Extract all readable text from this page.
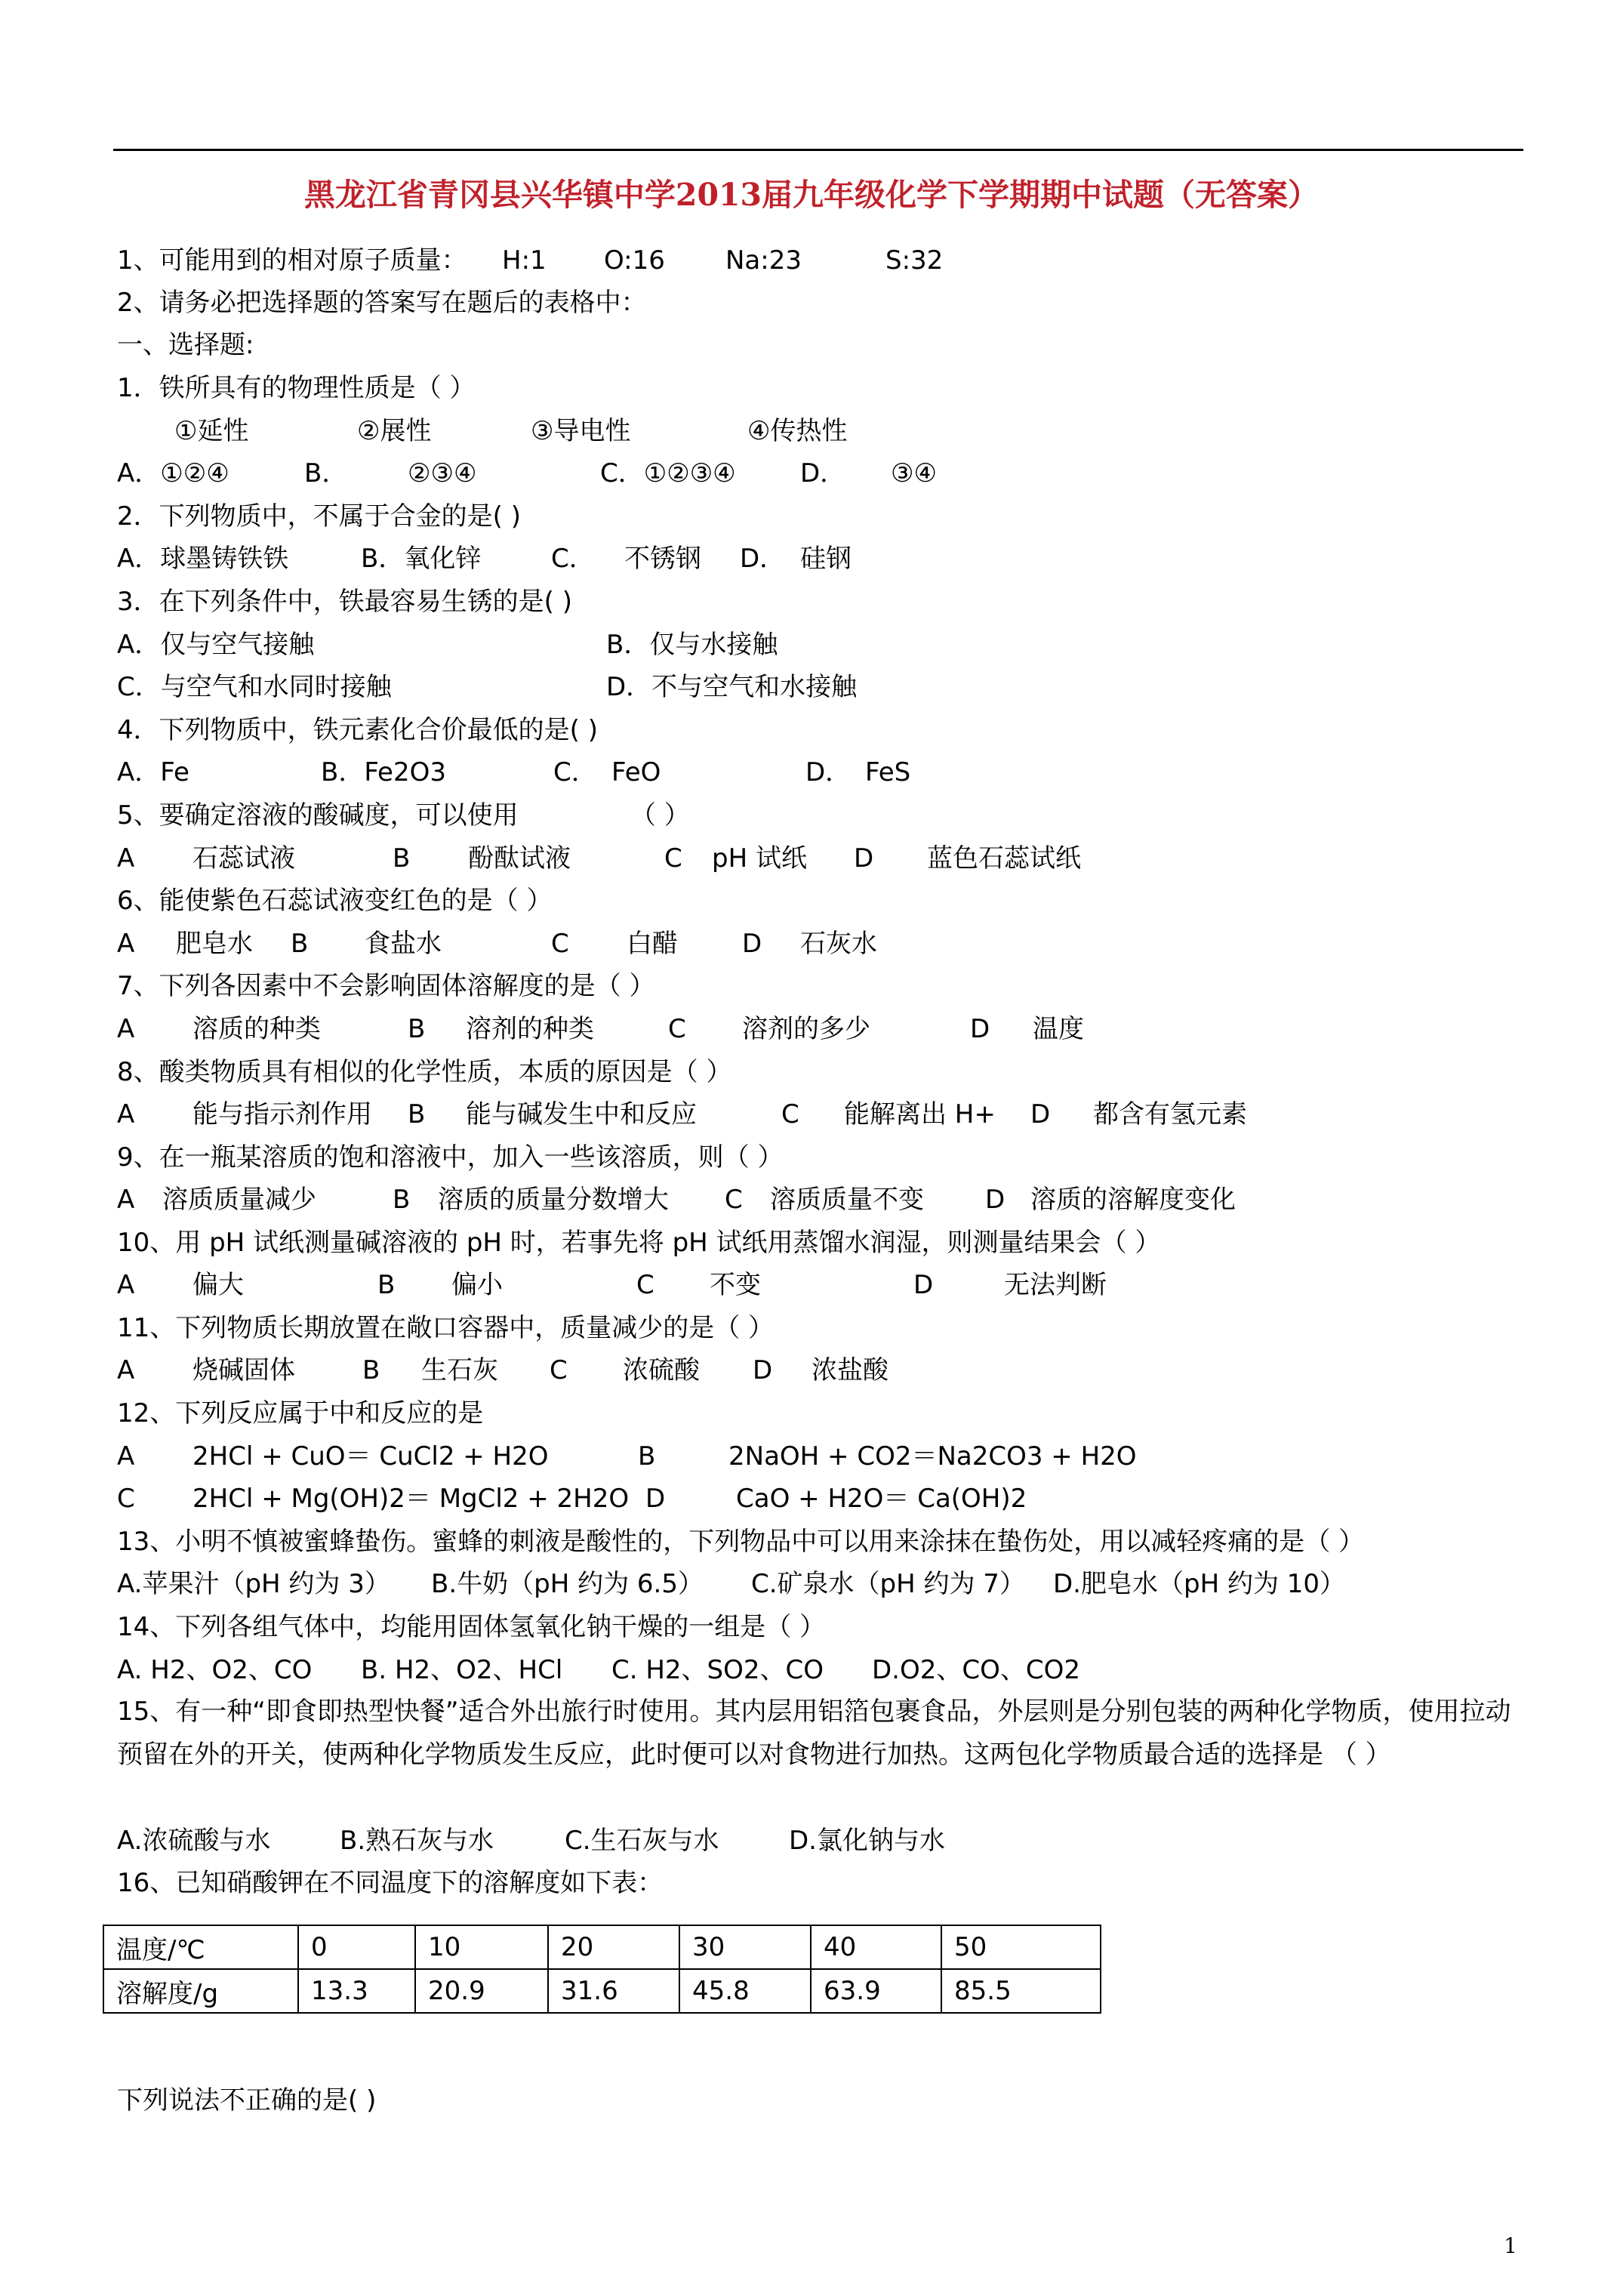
黑龙江省青冈县兴华镇中学2013届九年级化学下学期期中试题（无答案）
1、可能用到的相对原子质量： H:1 O:16 Na:23	S:32
2、请务必把选择题的答案写在题后的表格中：
一、选择题:
1．铁所具有的物理性质是（ ）
①延性	②展性	③导电性	④传热性
A．①②④	B． ②③④	C．①②③④	D． ③④
2．下列物质中，不属于合金的是( )
A．球墨铸铁铁	B．氧化锌	C． 不锈钢 D． 硅钢
3．在下列条件中，铁最容易生锈的是( )
A．仅与空气接触	B．仅与水接触
C．与空气和水同时接触	D．不与空气和水接触
4．下列物质中，铁元素化合价最低的是( )
A．Fe	B．Fe2O3	C． FeO	D． FeS
5、要确定溶液的酸碱度，可以使用	（ ）
A 石蕊试液	B 酚酞试液	C pH 试纸 D 蓝色石蕊试纸
6、能使紫色石蕊试液变红色的是（ ）
A 肥皂水 B 食盐水	C 白醋	D 石灰水
7、下列各因素中不会影响固体溶解度的是（ ）
A 溶质的种类	B 溶剂的种类	C 溶剂的多少	D 温度
8、酸类物质具有相似的化学性质，本质的原因是（ ）
A 能与指示剂作用 B 能与碱发生中和反应	C 能解离出 H+ D 都含有氢元素
9、在一瓶某溶质的饱和溶液中，加入一些该溶质，则（ ）
A 溶质质量减少	B 溶质的质量分数增大 C 溶质质量不变 D 溶质的溶解度变化
10、用 pH 试纸测量碱溶液的 pH 时，若事先将 pH 试纸用蒸馏水润湿，则测量结果会（ ）
A 偏大	B 偏小	C 不变	D	无法判断
11、下列物质长期放置在敞口容器中，质量减少的是（ ）
A 烧碱固体	B 生石灰 C 浓硫酸 D 浓盐酸
12、下列反应属于中和反应的是
A 2HCl + CuO＝ CuCl2 + H2O	B	2NaOH + CO2＝Na2CO3 + H2O
C 2HCl + Mg(OH)2＝ MgCl2 + 2H2O D	CaO + H2O＝ Ca(OH)2
13、小明不慎被蜜蜂蛰伤。蜜蜂的刺液是酸性的，下列物品中可以用来涂抹在蛰伤处，用以减轻疼痛的是（ ）
A.苹果汁（pH 约为 3） B.牛奶（pH 约为 6.5） C.矿泉水（pH 约为 7） D.肥皂水（pH 约为 10）
14、下列各组气体中，均能用固体氢氧化钠干燥的一组是（ ）
A. H2、O2、CO B. H2、O2、HCl C. H2、SO2、CO D.O2、CO、CO2
15、有一种“即食即热型快餐”适合外出旅行时使用。其内层用铝箔包裹食品，外层则是分别包装的两种化学物质，使用拉动预留在外的开关，使两种化学物质发生反应，此时便可以对食物进行加热。这两包化学物质最合适的选择是 （ ）
A.浓硫酸与水	B.熟石灰与水	C.生石灰与水	D.氯化钠与水
16、已知硝酸钾在不同温度下的溶解度如下表：
温度/℃	0	10	20	30	40	50
溶解度/g	13.3	20.9	31.6	45.8	63.9	85.5
下列说法不正确的是( )
1
